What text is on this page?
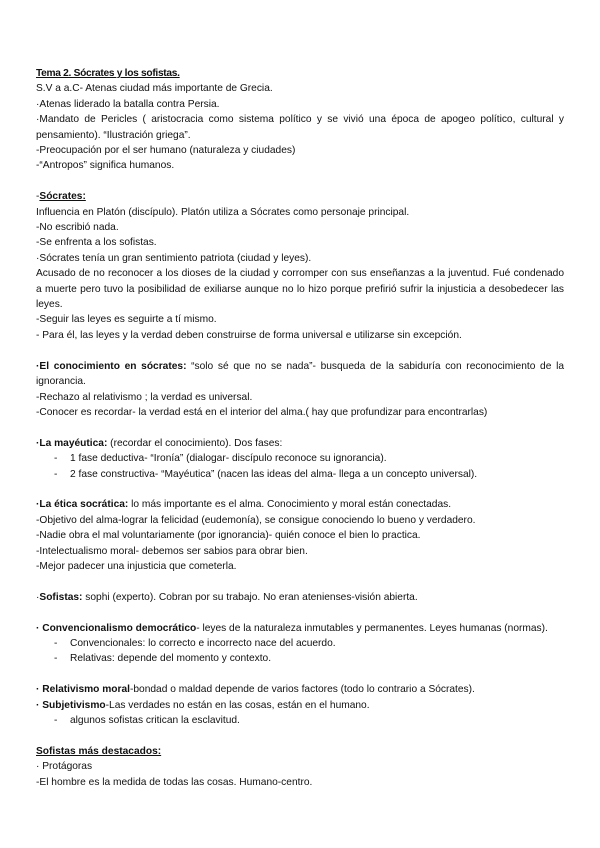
Tema 2. Sócrates y los sofistas.
S.V a a.C- Atenas ciudad más importante de Grecia.
·Atenas liderado la batalla contra Persia.
·Mandato de Pericles ( aristocracia como sistema político y se vivió una época de apogeo político, cultural y pensamiento). “Ilustración griega”.
-Preocupación por el ser humano (naturaleza y ciudades)
-“Antropos” significa humanos.
-Sócrates:
Influencia en Platón (discípulo). Platón utiliza a Sócrates como personaje principal.
-No escribió nada.
-Se enfrenta a los sofistas.
·Sócrates tenía un gran sentimiento patriota (ciudad y leyes).
Acusado de no reconocer a los dioses de la ciudad y corromper con sus enseñanzas a la juventud. Fué condenado a muerte pero tuvo la posibilidad de exiliarse aunque no lo hizo porque prefirió sufrir la injusticia a desobedecer las leyes.
-Seguir las leyes es seguirte a tí mismo.
- Para él, las leyes y la verdad deben construirse de forma universal e utilizarse sin excepción.
·El conocimiento en sócrates: “solo sé que no se nada”- busqueda de la sabiduría con reconocimiento de la ignorancia.
-Rechazo al relativismo ; la verdad es universal.
-Conocer es recordar- la verdad está en el interior del alma.( hay que profundizar para encontrarlas)
·La mayéutica: (recordar el conocimiento). Dos fases:
- 1 fase deductiva- “Ironía” (dialogar- discípulo reconoce su ignorancia).
- 2 fase constructiva- “Mayéutica” (nacen las ideas del alma- llega a un concepto universal).
·La ética socrática: lo más importante es el alma. Conocimiento y moral están conectadas.
-Objetivo del alma-lograr la felicidad (eudemonía), se consigue conociendo lo bueno y verdadero.
-Nadie obra el mal voluntariamente (por ignorancia)- quién conoce el bien lo practica.
-Intelectualismo moral- debemos ser sabios para obrar bien.
-Mejor padecer una injusticia que cometerla.
·Sofistas: sophi (experto). Cobran por su trabajo. No eran atenienses-visión abierta.
· Convencionalismo democrático- leyes de la naturaleza inmutables y permanentes. Leyes humanas (normas).
- Convencionales: lo correcto e incorrecto nace del acuerdo.
- Relativas: depende del momento y contexto.
· Relativismo moral-bondad o maldad depende de varios factores (todo lo contrario a Sócrates).
· Subjetivismo-Las verdades no están en las cosas, están en el humano.
- algunos sofistas critican la esclavitud.
Sofistas más destacados:
· Protágoras
-El hombre es la medida de todas las cosas. Humano-centro.
